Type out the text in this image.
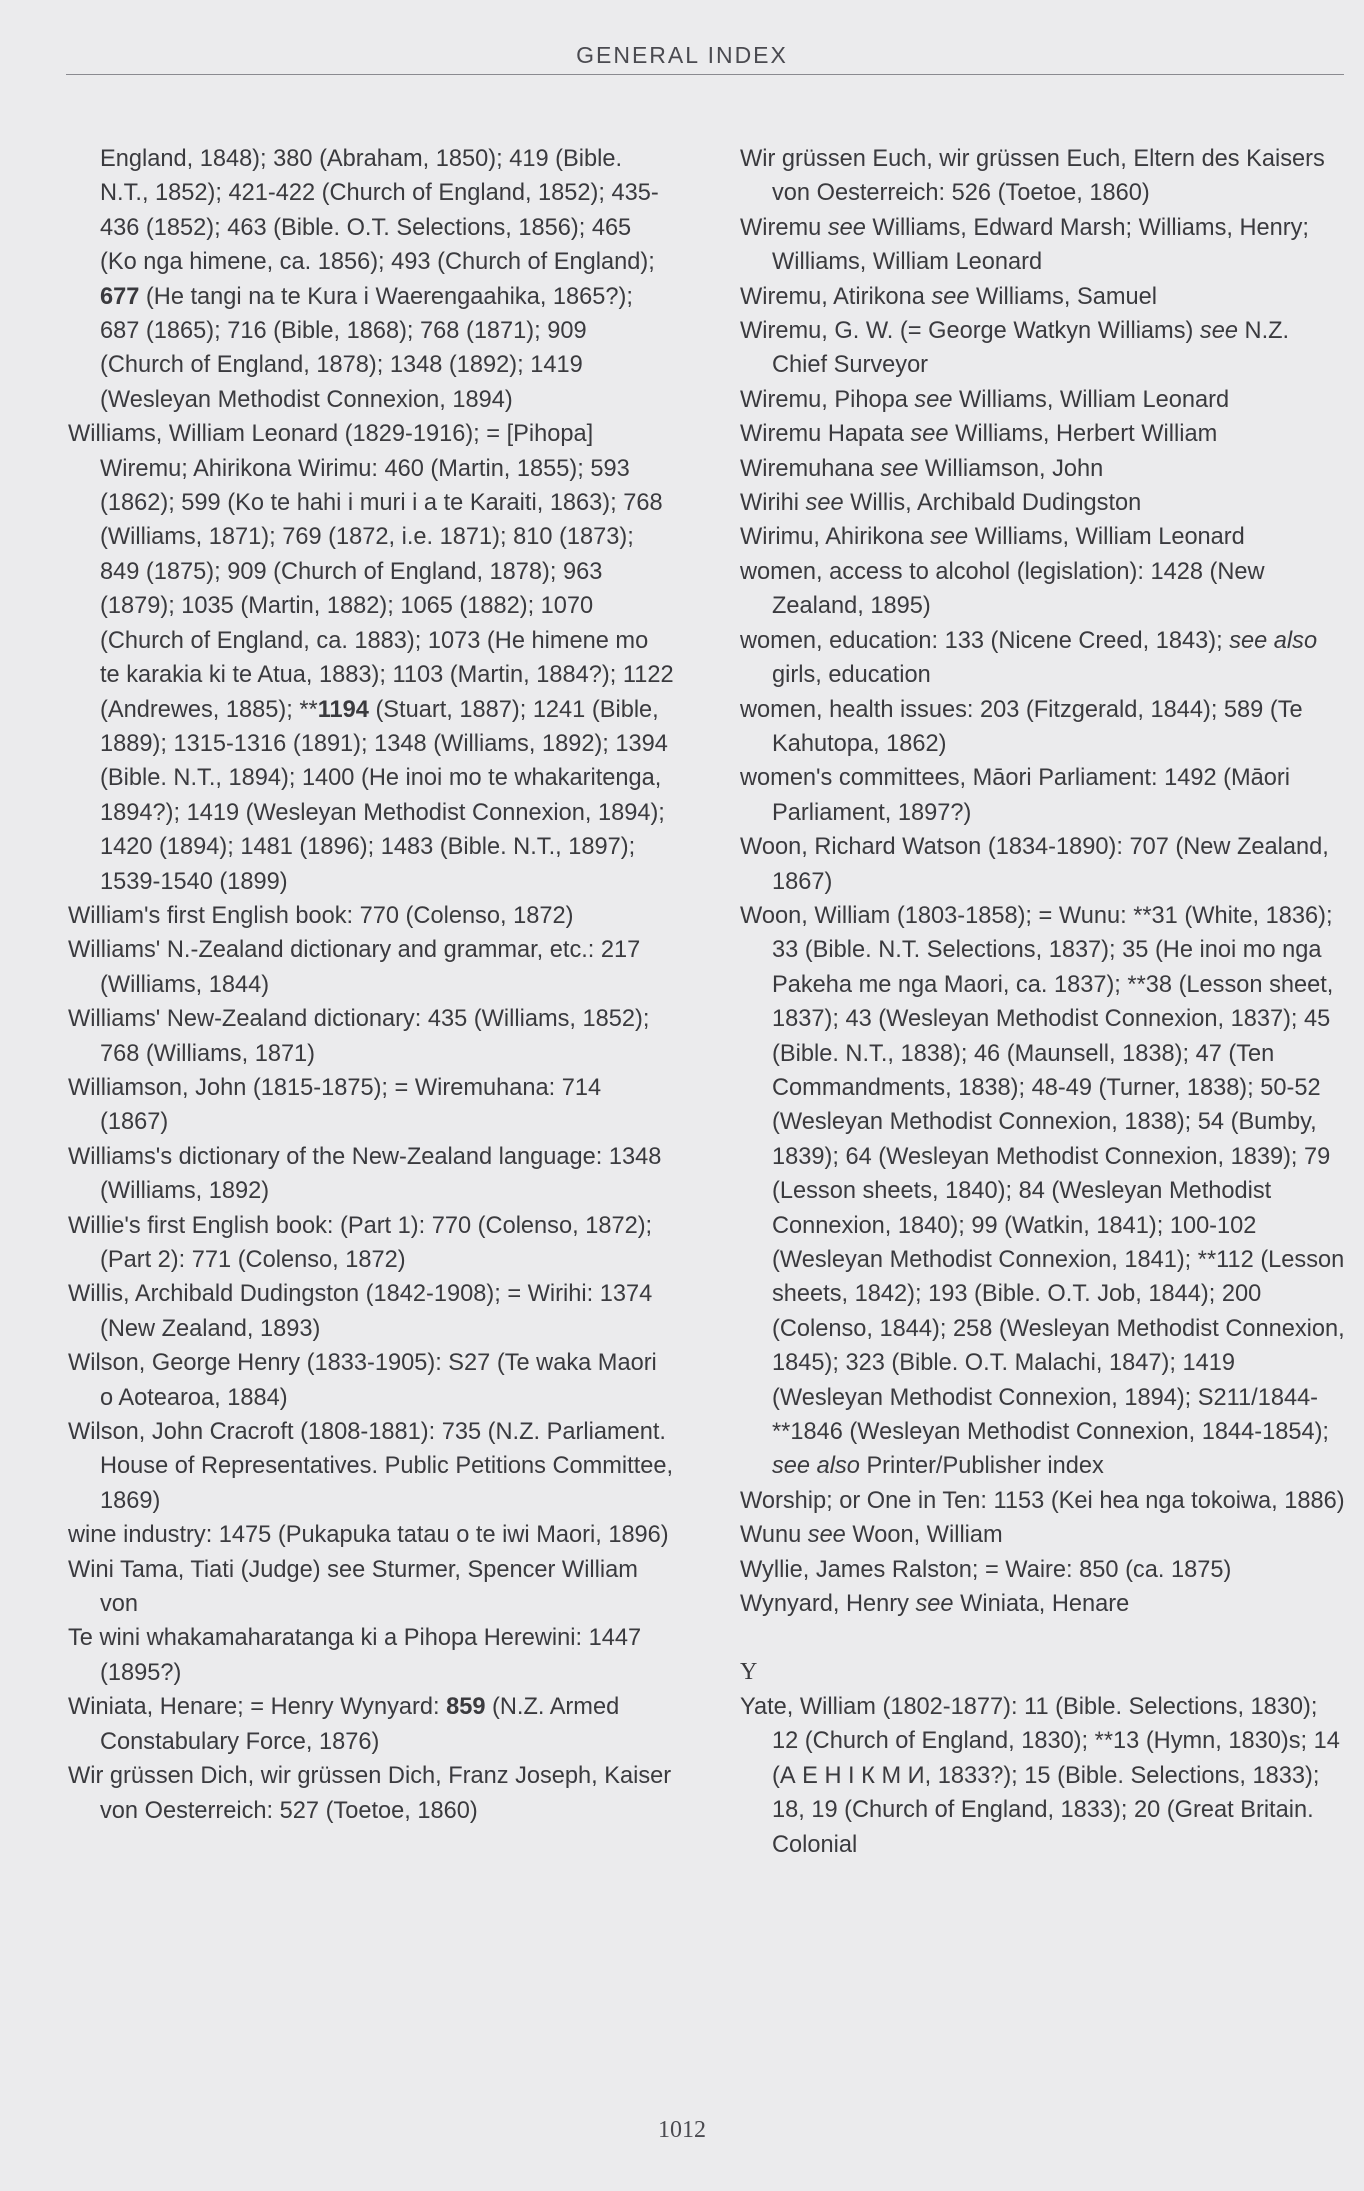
GENERAL INDEX

England, 1848); 380 (Abraham, 1850); 419 (Bible. N.T., 1852); 421-422 (Church of England, 1852); 435-436 (1852); 463 (Bible. O.T. Selections, 1856); 465 (Ko nga himene, ca. 1856); 493 (Church of England); 677 (He tangi na te Kura i Waerengaahika, 1865?); 687 (1865); 716 (Bible, 1868); 768 (1871); 909 (Church of England, 1878); 1348 (1892); 1419 (Wesleyan Methodist Connexion, 1894)

Williams, William Leonard (1829-1916); = [Pihopa] Wiremu; Ahirikona Wirimu: 460 (Martin, 1855); 593 (1862); 599 (Ko te hahi i muri i a te Karaiti, 1863); 768 (Williams, 1871); 769 (1872, i.e. 1871); 810 (1873); 849 (1875); 909 (Church of England, 1878); 963 (1879); 1035 (Martin, 1882); 1065 (1882); 1070 (Church of England, ca. 1883); 1073 (He himene mo te karakia ki te Atua, 1883); 1103 (Martin, 1884?); 1122 (Andrewes, 1885); **1194 (Stuart, 1887); 1241 (Bible, 1889); 1315-1316 (1891); 1348 (Williams, 1892); 1394 (Bible. N.T., 1894); 1400 (He inoi mo te whakaritenga, 1894?); 1419 (Wesleyan Methodist Connexion, 1894); 1420 (1894); 1481 (1896); 1483 (Bible. N.T., 1897); 1539-1540 (1899)

William's first English book: 770 (Colenso, 1872)

Williams' N.-Zealand dictionary and grammar, etc.: 217 (Williams, 1844)

Williams' New-Zealand dictionary: 435 (Williams, 1852); 768 (Williams, 1871)

Williamson, John (1815-1875); = Wiremuhana: 714 (1867)

Williams's dictionary of the New-Zealand language: 1348 (Williams, 1892)

Willie's first English book: (Part 1): 770 (Colenso, 1872); (Part 2): 771 (Colenso, 1872)

Willis, Archibald Dudingston (1842-1908); = Wirihi: 1374 (New Zealand, 1893)

Wilson, George Henry (1833-1905): S27 (Te waka Maori o Aotearoa, 1884)

Wilson, John Cracroft (1808-1881): 735 (N.Z. Parliament. House of Representatives. Public Petitions Committee, 1869)

wine industry: 1475 (Pukapuka tatau o te iwi Maori, 1896)

Wini Tama, Tiati (Judge) see Sturmer, Spencer William von

Te wini whakamaharatanga ki a Pihopa Herewini: 1447 (1895?)

Winiata, Henare; = Henry Wynyard: 859 (N.Z. Armed Constabulary Force, 1876)

Wir grüssen Dich, wir grüssen Dich, Franz Joseph, Kaiser von Oesterreich: 527 (Toetoe, 1860)

Wir grüssen Euch, wir grüssen Euch, Eltern des Kaisers von Oesterreich: 526 (Toetoe, 1860)

Wiremu see Williams, Edward Marsh; Williams, Henry; Williams, William Leonard

Wiremu, Atirikona see Williams, Samuel

Wiremu, G. W. (= George Watkyn Williams) see N.Z. Chief Surveyor

Wiremu, Pihopa see Williams, William Leonard

Wiremu Hapata see Williams, Herbert William

Wiremuhana see Williamson, John

Wirihi see Willis, Archibald Dudingston

Wirimu, Ahirikona see Williams, William Leonard

women, access to alcohol (legislation): 1428 (New Zealand, 1895)

women, education: 133 (Nicene Creed, 1843); see also girls, education

women, health issues: 203 (Fitzgerald, 1844); 589 (Te Kahutopa, 1862)

women's committees, Māori Parliament: 1492 (Māori Parliament, 1897?)

Woon, Richard Watson (1834-1890): 707 (New Zealand, 1867)

Woon, William (1803-1858); = Wunu: **31 (White, 1836); 33 (Bible. N.T. Selections, 1837); 35 (He inoi mo nga Pakeha me nga Maori, ca. 1837); **38 (Lesson sheet, 1837); 43 (Wesleyan Methodist Connexion, 1837); 45 (Bible. N.T., 1838); 46 (Maunsell, 1838); 47 (Ten Commandments, 1838); 48-49 (Turner, 1838); 50-52 (Wesleyan Methodist Connexion, 1838); 54 (Bumby, 1839); 64 (Wesleyan Methodist Connexion, 1839); 79 (Lesson sheets, 1840); 84 (Wesleyan Methodist Connexion, 1840); 99 (Watkin, 1841); 100-102 (Wesleyan Methodist Connexion, 1841); **112 (Lesson sheets, 1842); 193 (Bible. O.T. Job, 1844); 200 (Colenso, 1844); 258 (Wesleyan Methodist Connexion, 1845); 323 (Bible. O.T. Malachi, 1847); 1419 (Wesleyan Methodist Connexion, 1894); S211/1844-**1846 (Wesleyan Methodist Connexion, 1844-1854); see also Printer/Publisher index

Worship; or One in Ten: 1153 (Kei hea nga tokoiwa, 1886)

Wunu see Woon, William

Wyllie, James Ralston; = Waire: 850 (ca. 1875)

Wynyard, Henry see Winiata, Henare

Y

Yate, William (1802-1877): 11 (Bible. Selections, 1830); 12 (Church of England, 1830); **13 (Hymn, 1830)s; 14 (А Е Н І К М И, 1833?); 15 (Bible. Selections, 1833); 18, 19 (Church of England, 1833); 20 (Great Britain. Colonial

1012
